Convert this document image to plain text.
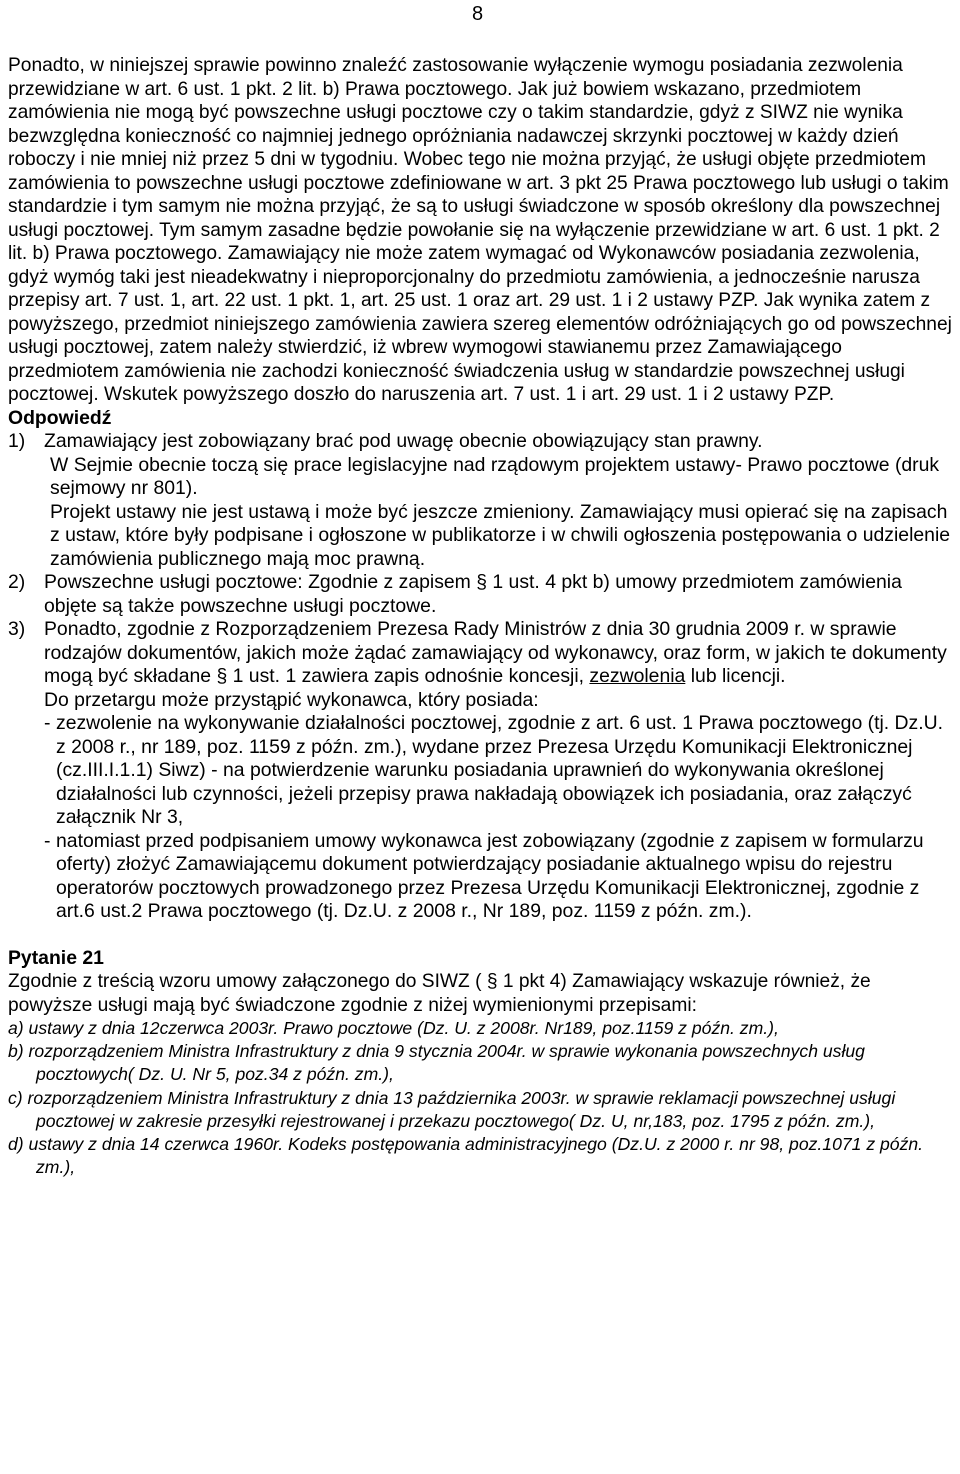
8

Ponadto, w niniejszej sprawie powinno znaleźć zastosowanie wyłączenie wymogu posiadania zezwolenia przewidziane w art. 6 ust. 1 pkt. 2 lit. b) Prawa pocztowego. Jak już bowiem wskazano, przedmiotem zamówienia nie mogą być powszechne usługi pocztowe czy o takim standardzie, gdyż z SIWZ nie wynika bezwzględna konieczność co najmniej jednego opróżniania nadawczej skrzynki pocztowej w każdy dzień roboczy i nie mniej niż przez 5 dni w tygodniu. Wobec tego nie można przyjąć, że usługi objęte przedmiotem zamówienia to powszechne usługi pocztowe zdefiniowane w art. 3 pkt 25 Prawa pocztowego lub usługi o takim standardzie i tym samym nie można przyjąć, że są to usługi świadczone w sposób określony dla powszechnej usługi pocztowej. Tym samym zasadne będzie powołanie się na wyłączenie przewidziane w art. 6 ust. 1 pkt. 2 lit. b) Prawa pocztowego. Zamawiający nie może zatem wymagać od Wykonawców posiadania zezwolenia, gdyż wymóg taki jest nieadekwatny i nieproporcjonalny do przedmiotu zamówienia, a jednocześnie narusza przepisy art. 7 ust. 1, art. 22 ust. 1 pkt. 1, art. 25 ust. 1 oraz art. 29 ust. 1 i 2 ustawy PZP. Jak wynika zatem z powyższego, przedmiot niniejszego zamówienia zawiera szereg elementów odróżniających go od powszechnej usługi pocztowej, zatem należy stwierdzić, iż wbrew wymogowi stawianemu przez Zamawiającego przedmiotem zamówienia nie zachodzi konieczność świadczenia usług w standardzie powszechnej usługi pocztowej. Wskutek powyższego doszło do naruszenia art. 7 ust. 1 i art. 29 ust. 1 i 2 ustawy PZP.

Odpowiedź

1) Zamawiający jest zobowiązany brać pod uwagę obecnie obowiązujący stan prawny.
W Sejmie obecnie toczą się prace legislacyjne nad rządowym projektem ustawy- Prawo pocztowe (druk sejmowy nr 801).
Projekt ustawy nie jest ustawą i może być jeszcze zmieniony. Zamawiający musi opierać się na zapisach z ustaw, które były podpisane i ogłoszone w publikatorze i w chwili ogłoszenia postępowania o udzielenie zamówienia publicznego mają moc prawną.
2) Powszechne usługi pocztowe: Zgodnie z zapisem § 1 ust. 4 pkt b) umowy przedmiotem zamówienia objęte są także powszechne usługi pocztowe.
3) Ponadto, zgodnie z Rozporządzeniem Prezesa Rady Ministrów z dnia 30 grudnia 2009 r. w sprawie rodzajów dokumentów, jakich może żądać zamawiający od wykonawcy, oraz form, w jakich te dokumenty mogą być składane § 1 ust. 1 zawiera zapis odnośnie koncesji, zezwolenia lub licencji.
Do przetargu może przystąpić wykonawca, który posiada:
- zezwolenie na wykonywanie działalności pocztowej, zgodnie z art. 6 ust. 1 Prawa pocztowego (tj. Dz.U. z 2008 r., nr 189, poz. 1159 z późn. zm.), wydane przez Prezesa Urzędu Komunikacji Elektronicznej (cz.III.I.1.1) Siwz) - na potwierdzenie warunku posiadania uprawnień do wykonywania określonej działalności lub czynności, jeżeli przepisy prawa nakładają obowiązek ich posiadania, oraz załączyć załącznik Nr 3,
- natomiast przed podpisaniem umowy wykonawca jest zobowiązany (zgodnie z zapisem w formularzu oferty) złożyć Zamawiającemu dokument potwierdzający posiadanie aktualnego wpisu do rejestru operatorów pocztowych prowadzonego przez Prezesa Urzędu Komunikacji Elektronicznej, zgodnie z art.6 ust.2 Prawa pocztowego (tj. Dz.U. z 2008 r., Nr 189, poz. 1159 z późn. zm.).

Pytanie 21

Zgodnie z treścią wzoru umowy załączonego do SIWZ ( § 1 pkt 4) Zamawiający wskazuje również, że powyższe usługi mają być świadczone zgodnie z niżej wymienionymi przepisami:

a) ustawy z dnia 12czerwca 2003r. Prawo pocztowe (Dz. U. z 2008r. Nr189, poz.1159 z późn. zm.),

b) rozporządzeniem Ministra Infrastruktury z dnia 9 stycznia 2004r. w sprawie wykonania powszechnych usług pocztowych( Dz. U. Nr 5, poz.34 z późn. zm.),

c) rozporządzeniem Ministra Infrastruktury z dnia 13 października 2003r. w sprawie reklamacji powszechnej usługi pocztowej w zakresie przesyłki rejestrowanej i przekazu pocztowego( Dz. U, nr,183, poz. 1795 z późn. zm.),

d) ustawy z dnia 14 czerwca 1960r. Kodeks postępowania administracyjnego (Dz.U. z 2000 r. nr 98, poz.1071 z późn. zm.),
